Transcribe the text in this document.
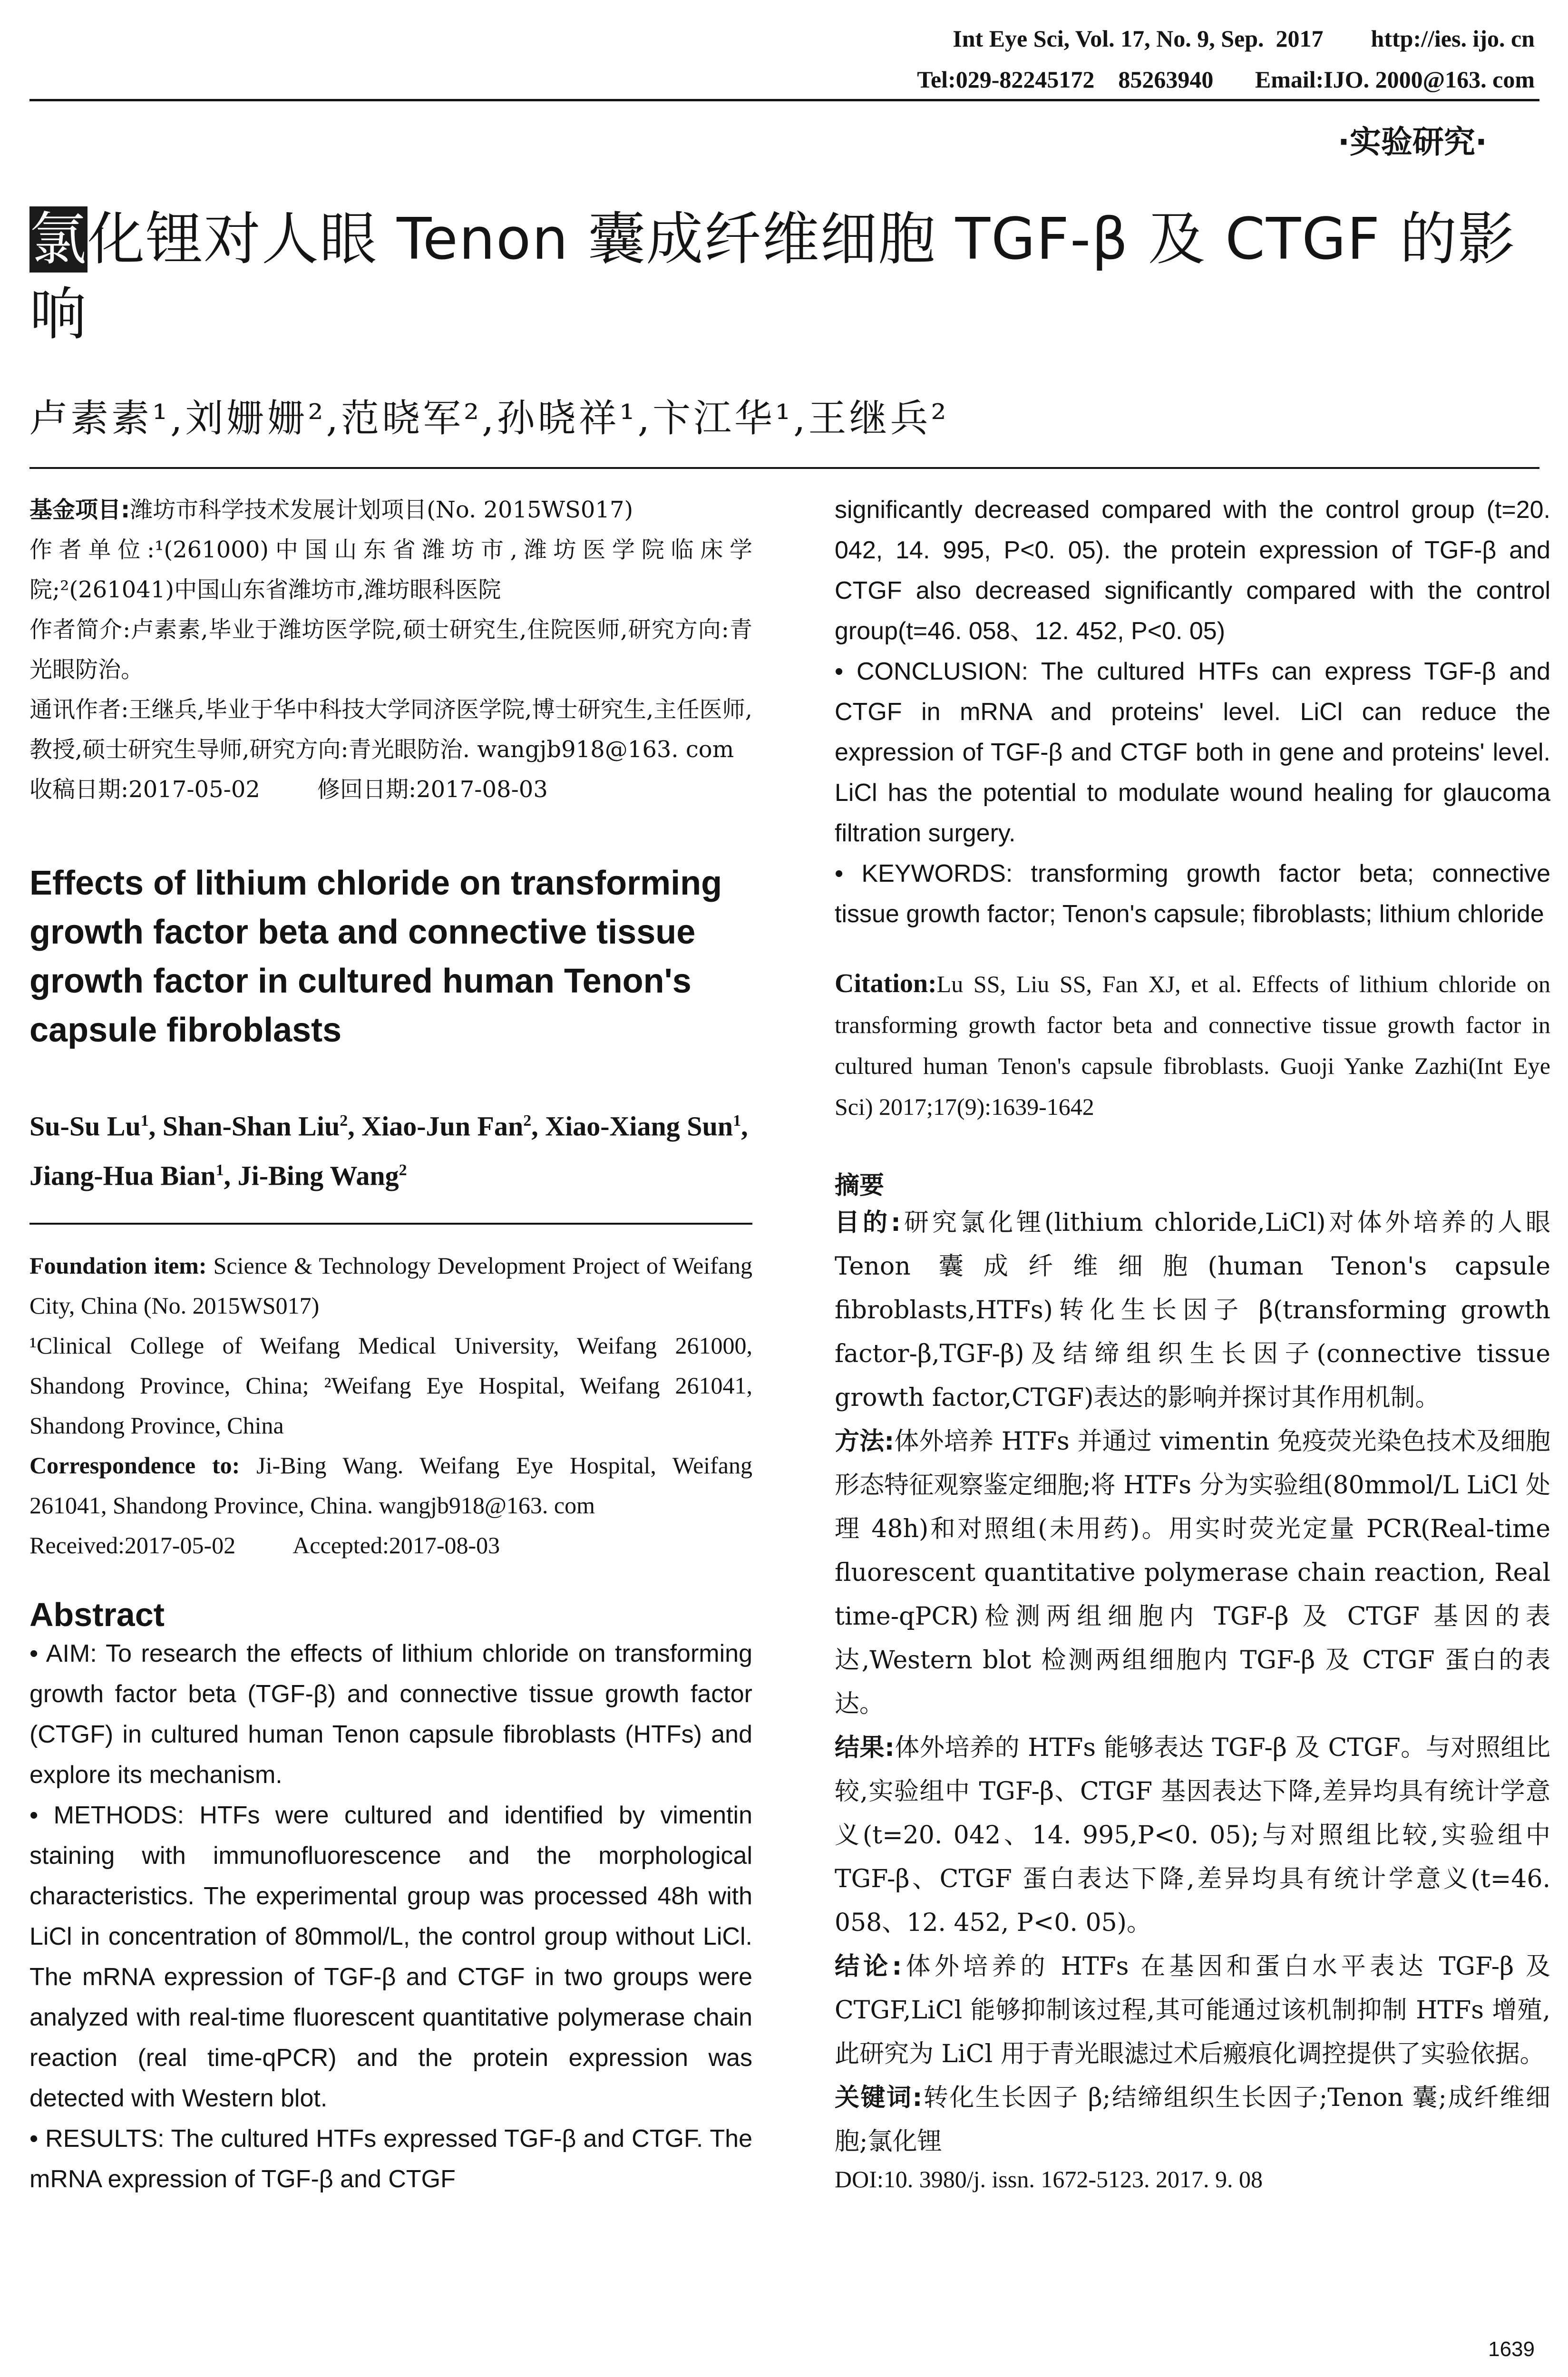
Int Eye Sci, Vol. 17, No. 9, Sep.  2017        http://ies. ijo. cn
Tel:029-82245172    85263940       Email:IJO. 2000@163. com
·实验研究·
氯化锂对人眼 Tenon 囊成纤维细胞 TGF-β 及 CTGF 的影响
卢素素¹,刘姗姗²,范晓军²,孙晓祥¹,卞江华¹,王继兵²

基金项目:潍坊市科学技术发展计划项目(No. 2015WS017)

作者单位:¹(261000)中国山东省潍坊市,潍坊医学院临床学院;²(261041)中国山东省潍坊市,潍坊眼科医院

作者简介:卢素素,毕业于潍坊医学院,硕士研究生,住院医师,研究方向:青光眼防治。

通讯作者:王继兵,毕业于华中科技大学同济医学院,博士研究生,主任医师,教授,硕士研究生导师,研究方向:青光眼防治. wangjb918@163. com

收稿日期:2017-05-02	修回日期:2017-08-03

Effects of lithium chloride on transforming growth factor beta and connective tissue growth factor in cultured human Tenon's capsule fibroblasts
Su-Su Lu$^1$, Shan-Shan Liu$^2$, Xiao-Jun Fan$^2$, Xiao-Xiang Sun$^1$, Jiang-Hua Bian$^1$, Ji-Bing Wang$^2$

Foundation item: Science & Technology Development Project of Weifang City, China (No. 2015WS017)

¹Clinical College of Weifang Medical University, Weifang 261000, Shandong Province, China; ²Weifang Eye Hospital, Weifang 261041, Shandong Province, China

Correspondence to: Ji-Bing Wang. Weifang Eye Hospital, Weifang 261041, Shandong Province, China. wangjb918@163. com

Received:2017-05-02 Accepted:2017-08-03

Abstract

• AIM: To research the effects of lithium chloride on transforming growth factor beta (TGF-β) and connective tissue growth factor (CTGF) in cultured human Tenon capsule fibroblasts (HTFs) and explore its mechanism.

• METHODS: HTFs were cultured and identified by vimentin staining with immunofluorescence and the morphological characteristics. The experimental group was processed 48h with LiCl in concentration of 80mmol/L, the control group without LiCl. The mRNA expression of TGF-β and CTGF in two groups were analyzed with real-time fluorescent quantitative polymerase chain reaction (real time-qPCR) and the protein expression was detected with Western blot.

• RESULTS: The cultured HTFs expressed TGF-β and CTGF. The mRNA expression of TGF-β and CTGF

significantly decreased compared with the control group (t=20. 042, 14. 995, P<0. 05). the protein expression of TGF-β and CTGF also decreased significantly compared with the control group(t=46. 058、12. 452, P<0. 05)

• CONCLUSION: The cultured HTFs can express TGF-β and CTGF in mRNA and proteins' level. LiCl can reduce the expression of TGF-β and CTGF both in gene and proteins' level. LiCl has the potential to modulate wound healing for glaucoma filtration surgery.

• KEYWORDS: transforming growth factor beta; connective tissue growth factor; Tenon's capsule; fibroblasts; lithium chloride

Citation:Lu SS, Liu SS, Fan XJ, et al. Effects of lithium chloride on transforming growth factor beta and connective tissue growth factor in cultured human Tenon's capsule fibroblasts. Guoji Yanke Zazhi(Int Eye Sci) 2017;17(9):1639-1642

摘要

目的:研究氯化锂(lithium chloride,LiCl)对体外培养的人眼 Tenon 囊成纤维细胞(human Tenon's capsule fibroblasts,HTFs)转化生长因子 β(transforming growth factor-β,TGF-β)及结缔组织生长因子(connective tissue growth factor,CTGF)表达的影响并探讨其作用机制。

方法:体外培养 HTFs 并通过 vimentin 免疫荧光染色技术及细胞形态特征观察鉴定细胞;将 HTFs 分为实验组(80mmol/L LiCl 处理 48h)和对照组(未用药)。用实时荧光定量 PCR(Real-time fluorescent quantitative polymerase chain reaction, Real time-qPCR)检测两组细胞内 TGF-β 及 CTGF 基因的表达,Western blot 检测两组细胞内 TGF-β 及 CTGF 蛋白的表达。

结果:体外培养的 HTFs 能够表达 TGF-β 及 CTGF。与对照组比较,实验组中 TGF-β、CTGF 基因表达下降,差异均具有统计学意义(t=20. 042、14. 995,P<0. 05);与对照组比较,实验组中 TGF-β、CTGF 蛋白表达下降,差异均具有统计学意义(t=46. 058、12. 452, P<0. 05)。

结论:体外培养的 HTFs 在基因和蛋白水平表达 TGF-β 及 CTGF,LiCl 能够抑制该过程,其可能通过该机制抑制 HTFs 增殖,此研究为 LiCl 用于青光眼滤过术后瘢痕化调控提供了实验依据。

关键词:转化生长因子 β;结缔组织生长因子;Tenon 囊;成纤维细胞;氯化锂

DOI:10. 3980/j. issn. 1672-5123. 2017. 9. 08
1639
